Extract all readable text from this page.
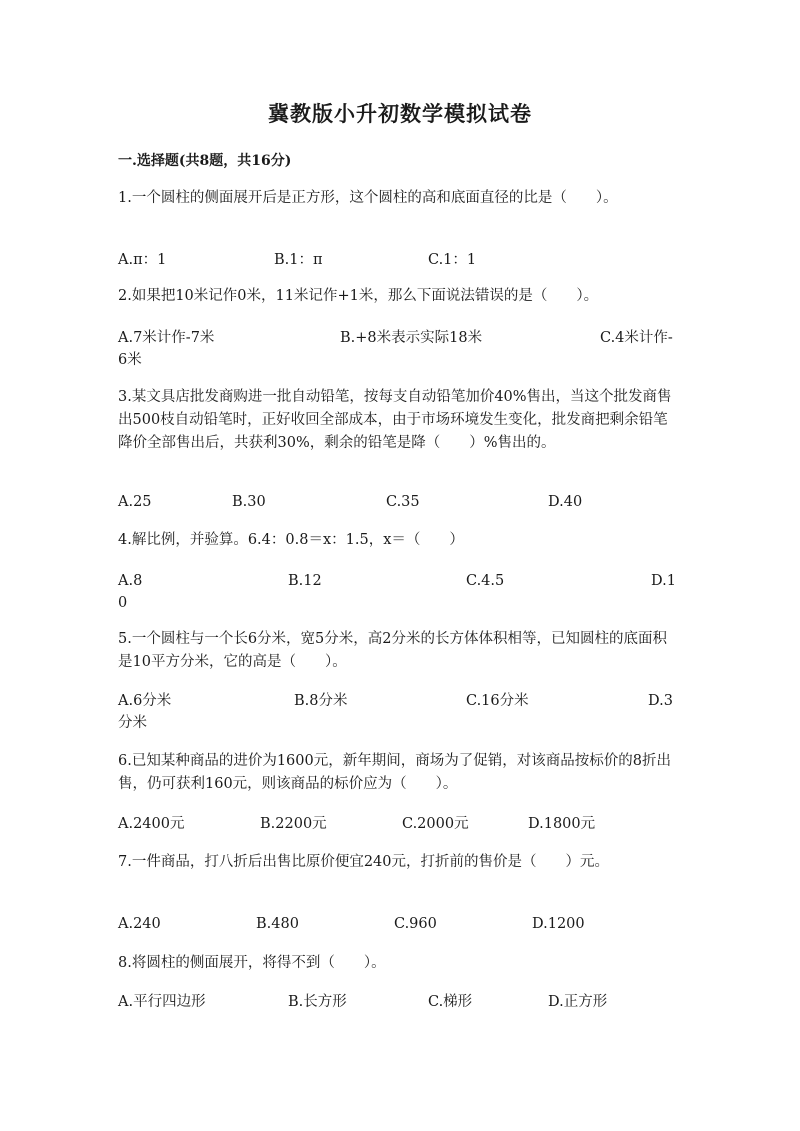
冀教版小升初数学模拟试卷
一.选择题(共8题，共16分)
1.一个圆柱的侧面展开后是正方形，这个圆柱的高和底面直径的比是（　　）。
A.π：1	B.1：π	C.1：1
2.如果把10米记作0米，11米记作+1米，那么下面说法错误的是（　　）。
A.7米计作-7米	B.+8米表示实际18米	C.4米计作-6米
3.某文具店批发商购进一批自动铅笔，按每支自动铅笔加价40%售出，当这个批发商售出500枝自动铅笔时，正好收回全部成本，由于市场环境发生变化，批发商把剩余铅笔降价全部售出后，共获利30%，剩余的铅笔是降（　　）%售出的。
A.25	B.30	C.35	D.40
4.解比例，并验算。6.4：0.8＝x：1.5，x＝（　　）
A.8	B.12	C.4.5	D.10
5.一个圆柱与一个长6分米，宽5分米，高2分米的长方体体积相等，已知圆柱的底面积是10平方分米，它的高是（　　）。
A.6分米	B.8分米	C.16分米	D.3分米
6.已知某种商品的进价为1600元，新年期间，商场为了促销，对该商品按标价的8折出售，仍可获利160元，则该商品的标价应为（　　）。
A.2400元	B.2200元	C.2000元	D.1800元
7.一件商品，打八折后出售比原价便宜240元，打折前的售价是（　　）元。
A.240	B.480	C.960	D.1200
8.将圆柱的侧面展开，将得不到（　　）。
A.平行四边形	B.长方形	C.梯形	D.正方形
